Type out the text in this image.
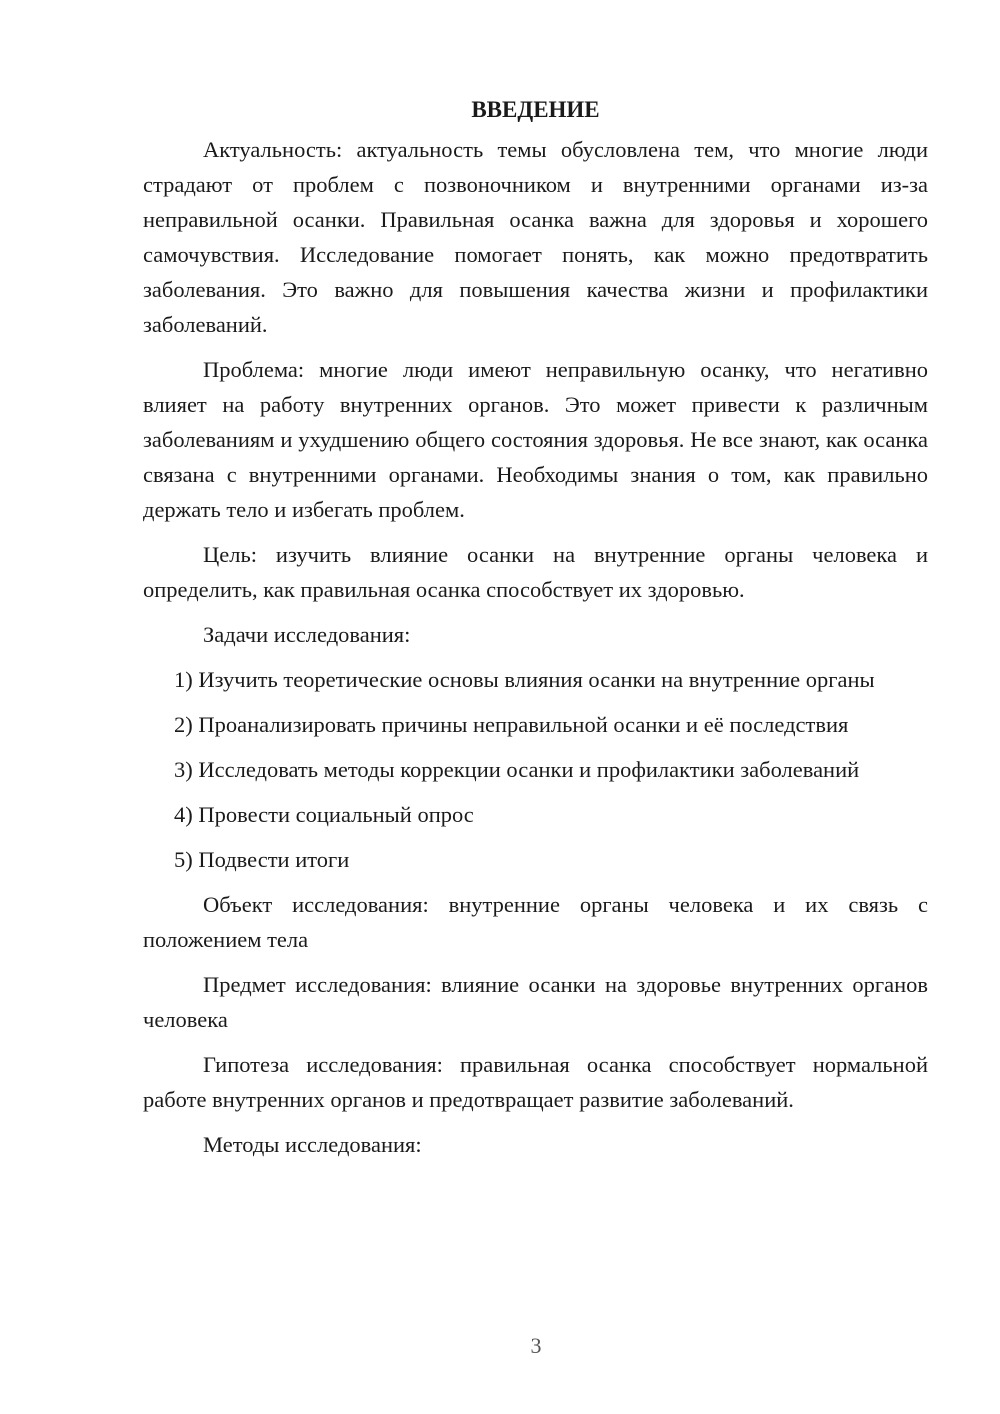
ВВЕДЕНИЕ

Актуальность: актуальность темы обусловлена тем, что многие люди страдают от проблем с позвоночником и внутренними органами из-за неправильной осанки. Правильная осанка важна для здоровья и хорошего самочувствия. Исследование помогает понять, как можно предотвратить заболевания. Это важно для повышения качества жизни и профилактики заболеваний.

Проблема: многие люди имеют неправильную осанку, что негативно влияет на работу внутренних органов. Это может привести к различным заболеваниям и ухудшению общего состояния здоровья. Не все знают, как осанка связана с внутренними органами. Необходимы знания о том, как правильно держать тело и избегать проблем.

Цель: изучить влияние осанки на внутренние органы человека и определить, как правильная осанка способствует их здоровью.

Задачи исследования:

1) Изучить теоретические основы влияния осанки на внутренние органы

2) Проанализировать причины неправильной осанки и её последствия

3) Исследовать методы коррекции осанки и профилактики заболеваний

4) Провести социальный опрос

5) Подвести итоги

Объект исследования: внутренние органы человека и их связь с положением тела

Предмет исследования: влияние осанки на здоровье внутренних органов человека

Гипотеза исследования: правильная осанка способствует нормальной работе внутренних органов и предотвращает развитие заболеваний.

Методы исследования:

3
